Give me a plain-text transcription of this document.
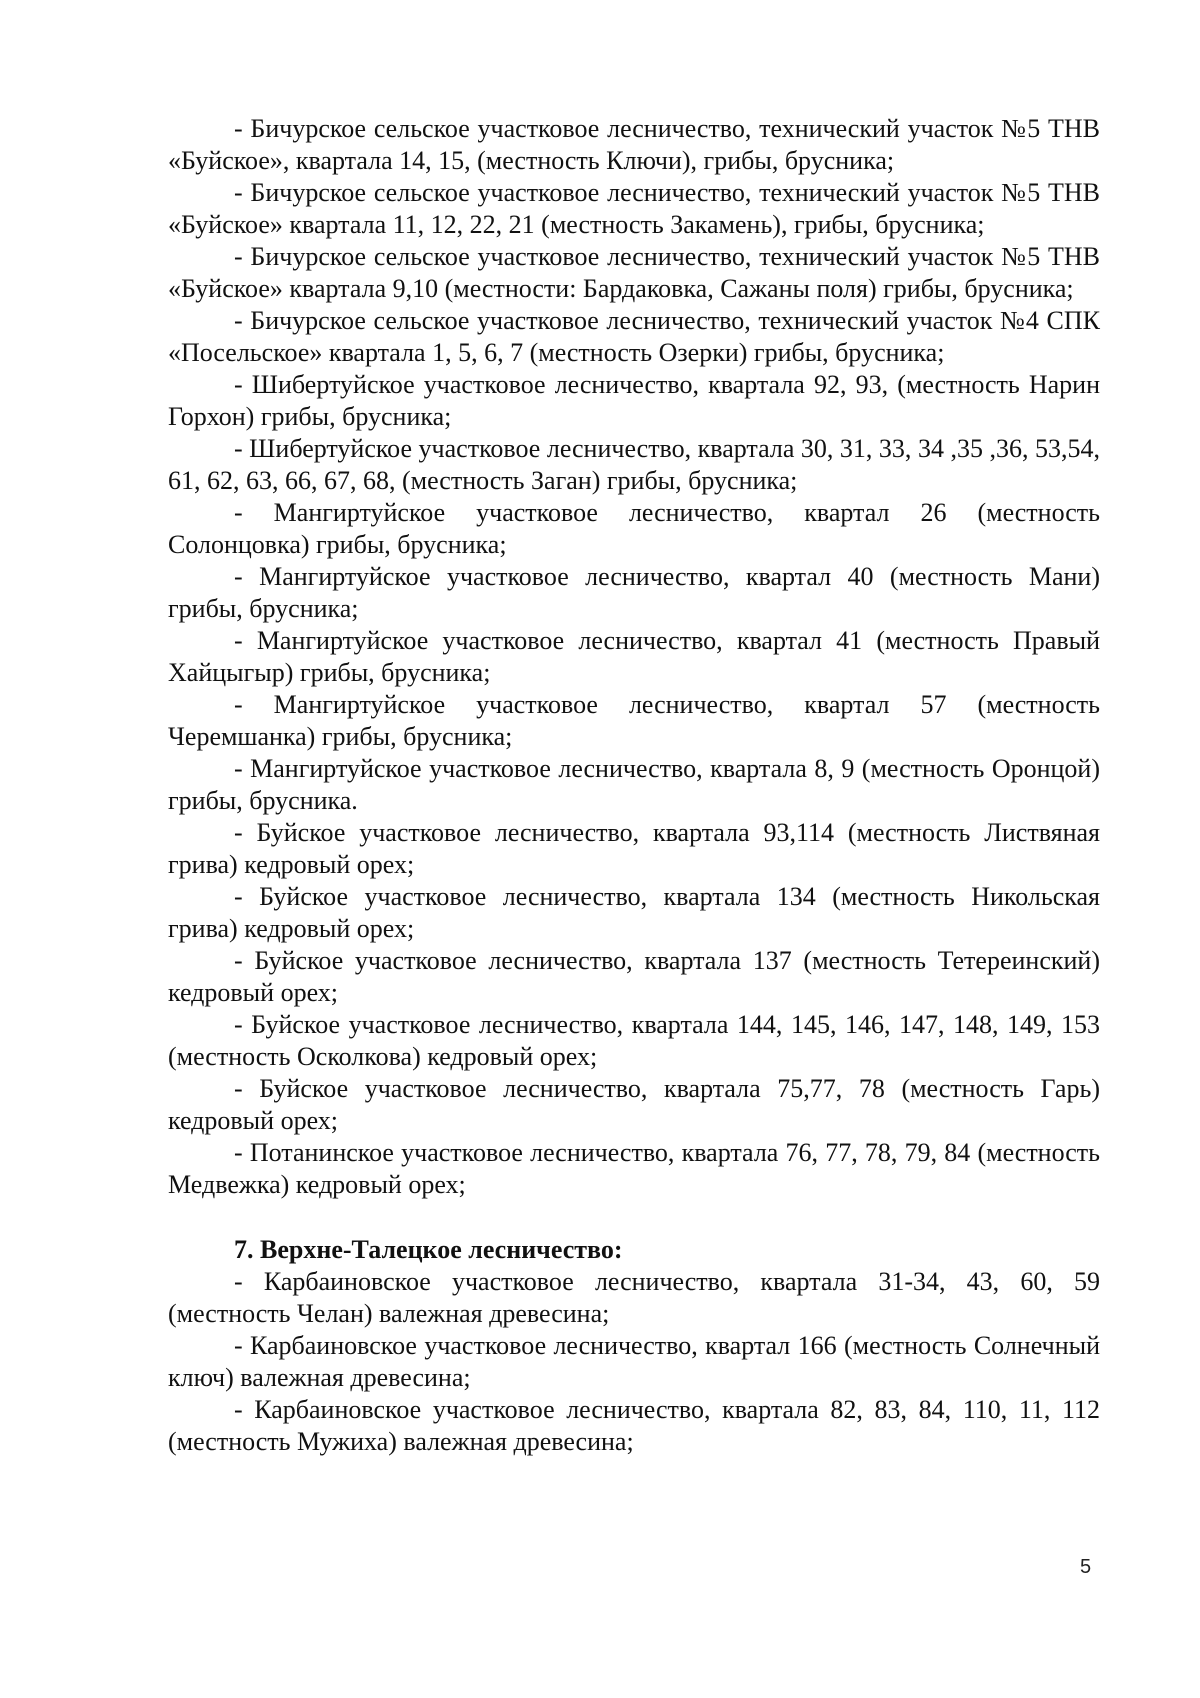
- Бичурское сельское участковое лесничество, технический участок №5 ТНВ «Буйское», квартала 14, 15, (местность Ключи), грибы, брусника;

- Бичурское сельское участковое лесничество, технический участок №5 ТНВ «Буйское» квартала 11, 12, 22, 21 (местность Закамень), грибы, брусника;

- Бичурское сельское участковое лесничество, технический участок №5 ТНВ «Буйское» квартала 9,10 (местности: Бардаковка, Сажаны поля) грибы, брусника;

- Бичурское сельское участковое лесничество, технический участок №4 СПК «Посельское» квартала 1, 5, 6, 7 (местность Озерки) грибы, брусника;

- Шибертуйское участковое лесничество, квартала 92, 93, (местность Нарин Горхон) грибы, брусника;

- Шибертуйское участковое лесничество, квартала 30, 31, 33, 34 ,35 ,36, 53,54, 61, 62, 63, 66, 67, 68, (местность Заган) грибы, брусника;

- Мангиртуйское участковое лесничество, квартал 26 (местность Солонцовка) грибы, брусника;

- Мангиртуйское участковое лесничество, квартал 40 (местность Мани) грибы, брусника;

- Мангиртуйское участковое лесничество, квартал 41 (местность Правый Хайцыгыр) грибы, брусника;

- Мангиртуйское участковое лесничество, квартал 57 (местность Черемшанка) грибы, брусника;

- Мангиртуйское участковое лесничество, квартала 8, 9 (местность Оронцой) грибы, брусника.

- Буйское участковое лесничество, квартала 93,114 (местность Листвяная грива) кедровый орех;

- Буйское участковое лесничество, квартала 134 (местность Никольская грива) кедровый орех;

- Буйское участковое лесничество, квартала 137 (местность Тетереинский) кедровый орех;

- Буйское участковое лесничество, квартала 144, 145, 146, 147, 148, 149, 153 (местность Осколкова) кедровый орех;

- Буйское участковое лесничество, квартала 75,77, 78 (местность Гарь) кедровый орех;

- Потанинское участковое лесничество, квартала 76, 77, 78, 79, 84 (местность Медвежка) кедровый орех;

7. Верхне-Талецкое лесничество:

- Карбаиновское участковое лесничество, квартала 31-34, 43, 60, 59 (местность Челан) валежная древесина;

- Карбаиновское участковое лесничество, квартал 166 (местность Солнечный ключ) валежная древесина;

- Карбаиновское участковое лесничество, квартала 82, 83, 84, 110, 11, 112 (местность Мужиха) валежная древесина;

5
